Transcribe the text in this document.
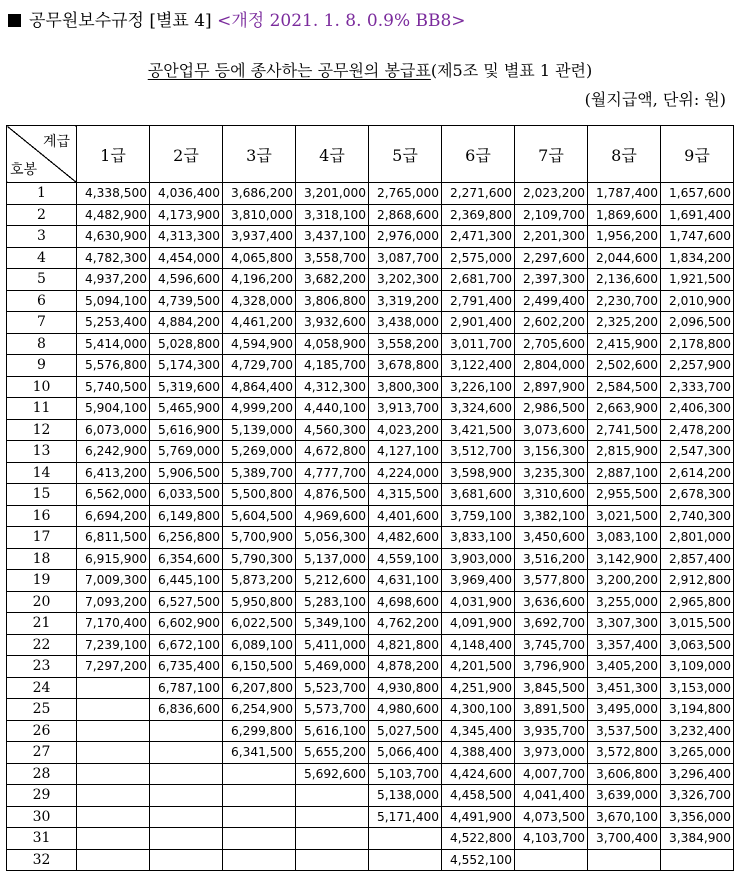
공무원보수규정 [별표 4] <개정 2021. 1. 8. 0.9% BB8>
공안업무 등에 종사하는 공무원의 봉급표(제5조 및 별표 1 관련)
(월지급액, 단위: 원)
계급
호봉	1급	2급	3급	4급	5급	6급	7급	8급	9급
1	4,338,500	4,036,400	3,686,200	3,201,000	2,765,000	2,271,600	2,023,200	1,787,400	1,657,600
2	4,482,900	4,173,900	3,810,000	3,318,100	2,868,600	2,369,800	2,109,700	1,869,600	1,691,400
3	4,630,900	4,313,300	3,937,400	3,437,100	2,976,000	2,471,300	2,201,300	1,956,200	1,747,600
4	4,782,300	4,454,000	4,065,800	3,558,700	3,087,700	2,575,000	2,297,600	2,044,600	1,834,200
5	4,937,200	4,596,600	4,196,200	3,682,200	3,202,300	2,681,700	2,397,300	2,136,600	1,921,500
6	5,094,100	4,739,500	4,328,000	3,806,800	3,319,200	2,791,400	2,499,400	2,230,700	2,010,900
7	5,253,400	4,884,200	4,461,200	3,932,600	3,438,000	2,901,400	2,602,200	2,325,200	2,096,500
8	5,414,000	5,028,800	4,594,900	4,058,900	3,558,200	3,011,700	2,705,600	2,415,900	2,178,800
9	5,576,800	5,174,300	4,729,700	4,185,700	3,678,800	3,122,400	2,804,000	2,502,600	2,257,900
10	5,740,500	5,319,600	4,864,400	4,312,300	3,800,300	3,226,100	2,897,900	2,584,500	2,333,700
11	5,904,100	5,465,900	4,999,200	4,440,100	3,913,700	3,324,600	2,986,500	2,663,900	2,406,300
12	6,073,000	5,616,900	5,139,000	4,560,300	4,023,200	3,421,500	3,073,600	2,741,500	2,478,200
13	6,242,900	5,769,000	5,269,000	4,672,800	4,127,100	3,512,700	3,156,300	2,815,900	2,547,300
14	6,413,200	5,906,500	5,389,700	4,777,700	4,224,000	3,598,900	3,235,300	2,887,100	2,614,200
15	6,562,000	6,033,500	5,500,800	4,876,500	4,315,500	3,681,600	3,310,600	2,955,500	2,678,300
16	6,694,200	6,149,800	5,604,500	4,969,600	4,401,600	3,759,100	3,382,100	3,021,500	2,740,300
17	6,811,500	6,256,800	5,700,900	5,056,300	4,482,600	3,833,100	3,450,600	3,083,100	2,801,000
18	6,915,900	6,354,600	5,790,300	5,137,000	4,559,100	3,903,000	3,516,200	3,142,900	2,857,400
19	7,009,300	6,445,100	5,873,200	5,212,600	4,631,100	3,969,400	3,577,800	3,200,200	2,912,800
20	7,093,200	6,527,500	5,950,800	5,283,100	4,698,600	4,031,900	3,636,600	3,255,000	2,965,800
21	7,170,400	6,602,900	6,022,500	5,349,100	4,762,200	4,091,900	3,692,700	3,307,300	3,015,500
22	7,239,100	6,672,100	6,089,100	5,411,000	4,821,800	4,148,400	3,745,700	3,357,400	3,063,500
23	7,297,200	6,735,400	6,150,500	5,469,000	4,878,200	4,201,500	3,796,900	3,405,200	3,109,000
24		6,787,100	6,207,800	5,523,700	4,930,800	4,251,900	3,845,500	3,451,300	3,153,000
25		6,836,600	6,254,900	5,573,700	4,980,600	4,300,100	3,891,500	3,495,000	3,194,800
26			6,299,800	5,616,100	5,027,500	4,345,400	3,935,700	3,537,500	3,232,400
27			6,341,500	5,655,200	5,066,400	4,388,400	3,973,000	3,572,800	3,265,000
28				5,692,600	5,103,700	4,424,600	4,007,700	3,606,800	3,296,400
29					5,138,000	4,458,500	4,041,400	3,639,000	3,326,700
30					5,171,400	4,491,900	4,073,500	3,670,100	3,356,000
31						4,522,800	4,103,700	3,700,400	3,384,900
32						4,552,100			
